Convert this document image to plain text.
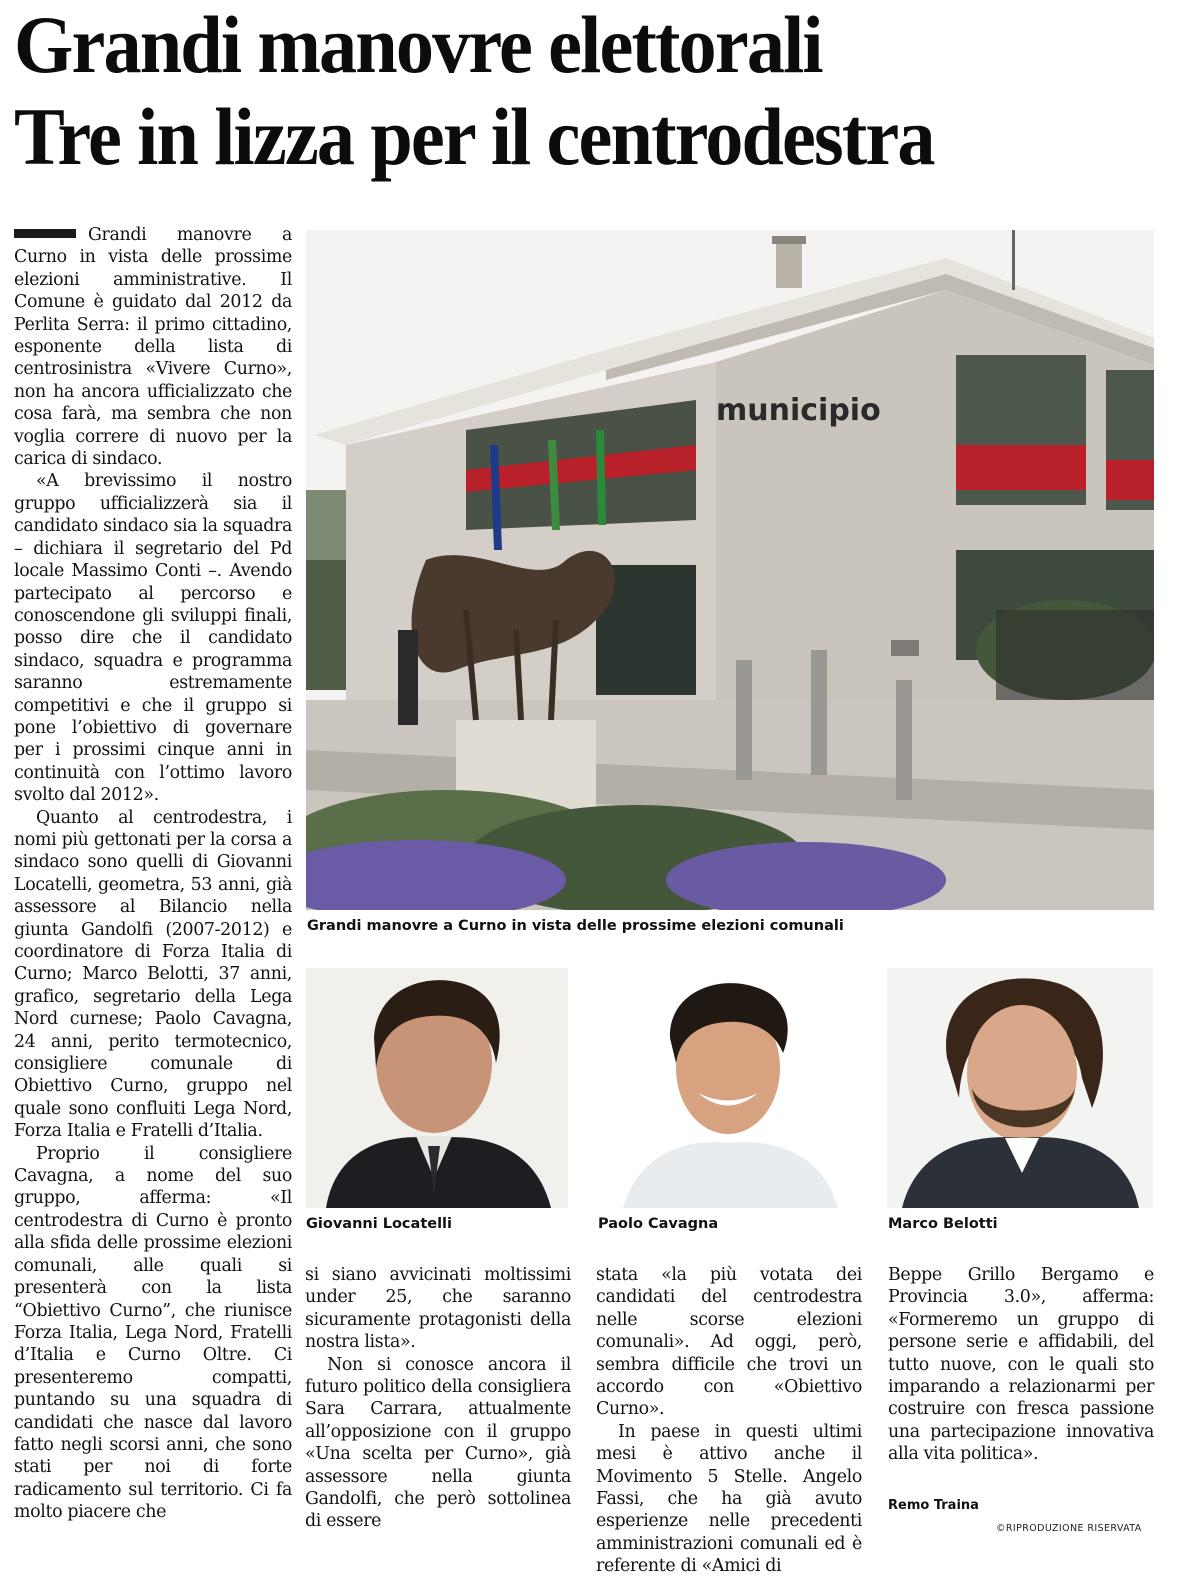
Grandi manovre elettorali
Tre in lizza per il centrodestra

Grandi manovre a Curno in vista delle prossime elezioni amministrative. Il Comune è guidato dal 2012 da Perlita Serra: il primo cittadino, esponente della lista di centrosinistra «Vivere Curno», non ha ancora ufficializzato che cosa farà, ma sembra che non voglia correre di nuovo per la carica di sindaco.

«A brevissimo il nostro gruppo ufficializzerà sia il candidato sindaco sia la squadra – dichiara il segretario del Pd locale Massimo Conti –. Avendo partecipato al percorso e conoscendone gli sviluppi finali, posso dire che il candidato sindaco, squadra e programma saranno estremamente competitivi e che il gruppo si pone l’obiettivo di governare per i prossimi cinque anni in continuità con l’ottimo lavoro svolto dal 2012».

Quanto al centrodestra, i nomi più gettonati per la corsa a sindaco sono quelli di Giovanni Locatelli, geometra, 53 anni, già assessore al Bilancio nella giunta Gandolfi (2007-2012) e coordinatore di Forza Italia di Curno; Marco Belotti, 37 anni, grafico, segretario della Lega Nord curnese; Paolo Cavagna, 24 anni, perito termotecnico, consigliere comunale di Obiettivo Curno, gruppo nel quale sono confluiti Lega Nord, Forza Italia e Fratelli d’Italia.

Proprio il consigliere Cavagna, a nome del suo gruppo, afferma: «Il centrodestra di Curno è pronto alla sfida delle prossime elezioni comunali, alle quali si presenterà con la lista “Obiettivo Curno”, che riunisce Forza Italia, Lega Nord, Fratelli d’Italia e Curno Oltre. Ci presenteremo compatti, puntando su una squadra di candidati che nasce dal lavoro fatto negli scorsi anni, che sono stati per noi di forte radicamento sul territorio. Ci fa molto piacere che

municipio
Grandi manovre a Curno in vista delle prossime elezioni comunali
Giovanni Locatelli	Paolo Cavagna	Marco Belotti

si siano avvicinati moltissimi under 25, che saranno sicuramente protagonisti della nostra lista».

Non si conosce ancora il futuro politico della consigliera Sara Carrara, attualmente all’opposizione con il gruppo «Una scelta per Curno», già assessore nella giunta Gandolfi, che però sottolinea di essere

stata «la più votata dei candidati del centrodestra nelle scorse elezioni comunali». Ad oggi, però, sembra difficile che trovi un accordo con «Obiettivo Curno».

In paese in questi ultimi mesi è attivo anche il Movimento 5 Stelle. Angelo Fassi, che ha già avuto esperienze nelle precedenti amministrazioni comunali ed è referente di «Amici di

Beppe Grillo Bergamo e Provincia 3.0», afferma: «Formeremo un gruppo di persone serie e affidabili, del tutto nuove, con le quali sto imparando a relazionarmi per costruire con fresca passione una partecipazione innovativa alla vita politica».

Remo Traina
©RIPRODUZIONE RISERVATA
